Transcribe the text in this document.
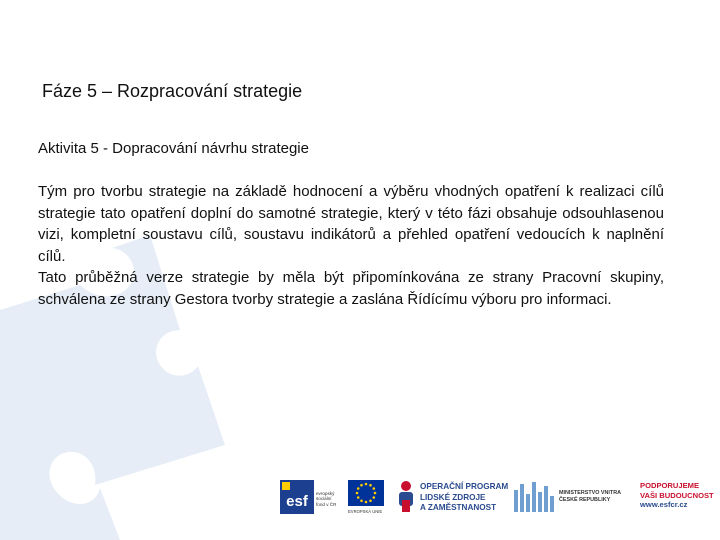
Fáze 5 – Rozpracování strategie
Aktivita 5 - Dopracování návrhu strategie

Tým pro tvorbu strategie na základě hodnocení a výběru vhodných opatření k realizaci cílů strategie tato opatření doplní do samotné strategie, který v této fázi obsahuje odsouhlasenou vizi, kompletní soustavu cílů, soustavu indikátorů a přehled opatření vedoucích k naplnění cílů.

Tato průběžná verze strategie by měla být připomínkována ze strany Pracovní skupiny, schválena ze strany Gestora tvorby strategie a zaslána Řídícímu výboru pro informaci.

esf evropský
sociální
fond v ČR
EVROPSKÁ UNIE
OPERAČNÍ PROGRAM
LIDSKÉ ZDROJE
A ZAMĚSTNANOST
MINISTERSTVO VNITRA
ČESKÉ REPUBLIKY
PODPORUJEME
VAŠI BUDOUCNOST
www.esfcr.cz
